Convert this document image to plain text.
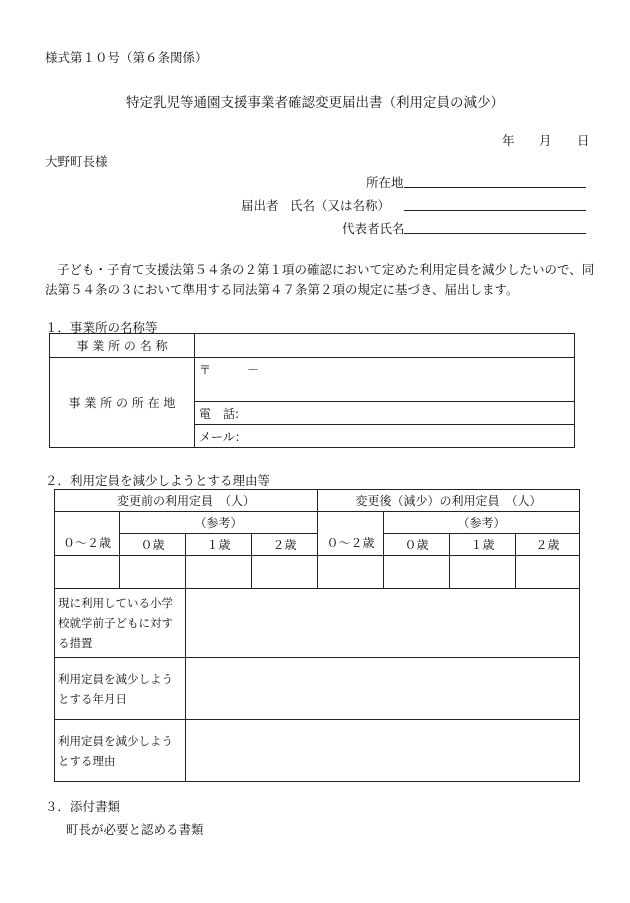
様式第１０号（第６条関係）
特定乳児等通園支援事業者確認変更届出書（利用定員の減少）
年 月 日
大野町長様
所在地
届出者 氏名（又は名称）
代表者氏名
子ども・子育て支援法第５４条の２第１項の確認において定めた利用定員を減少したいので、同
法第５４条の３において準用する同法第４７条第２項の規定に基づき、届出します。
１．事業所の名称等
事 業 所 の 名 称	
事 業 所 の 所 在 地	〒　　　－
	電　話:
	メール：
２．利用定員を減少しようとする理由等
変更前の利用定員　（人）				変更後（減少）の利用定員　（人）			
０～２歳	（参考）			０～２歳	（参考）		
	０歳	１歳	２歳		０歳	１歳	２歳

現に利用している小学校就学前子どもに対する措置							
利用定員を減少しようとする年月日							
利用定員を減少しようとする理由							
３．添付書類
町長が必要と認める書類
